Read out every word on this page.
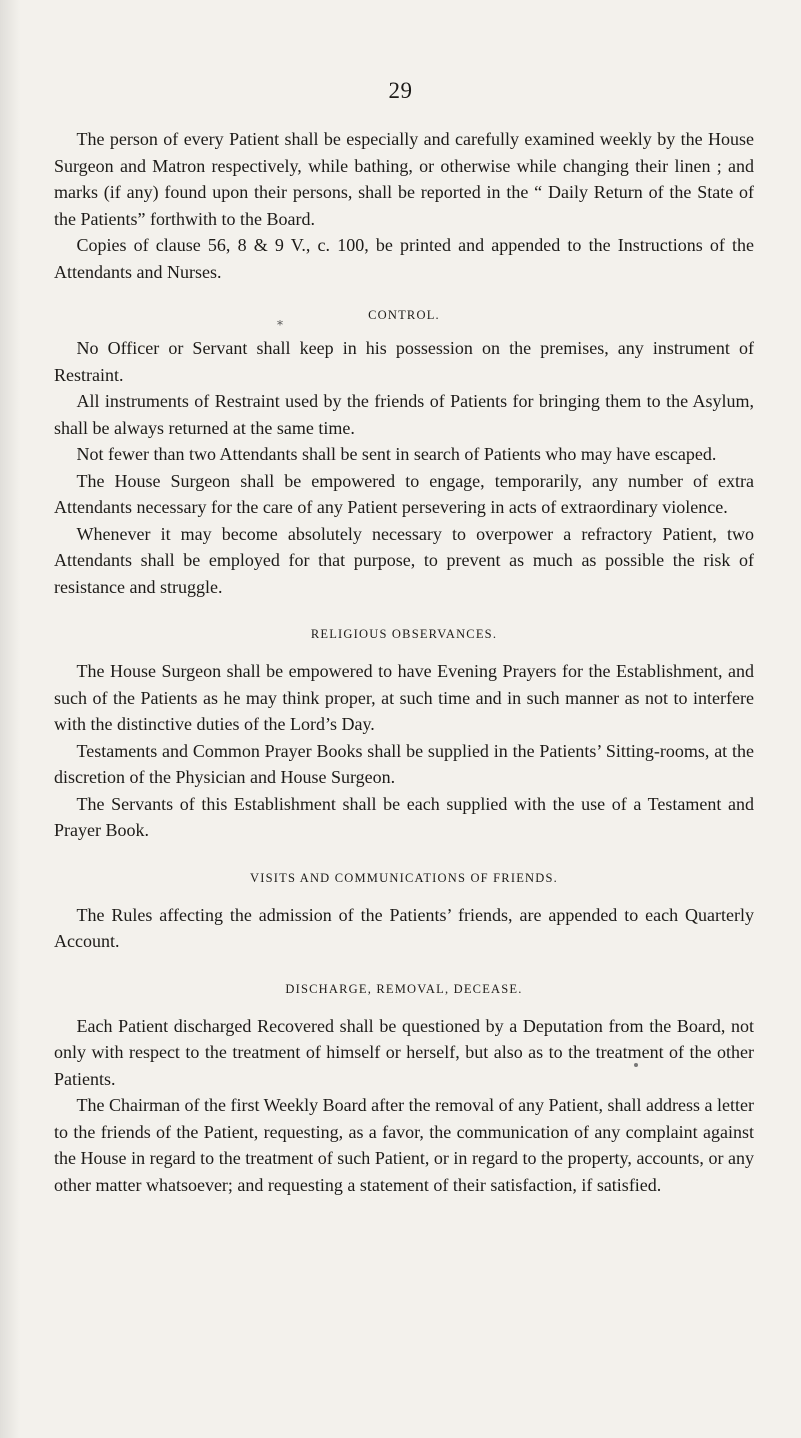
29
⁎

The person of every Patient shall be especially and carefully examined weekly by the House Surgeon and Matron respectively, while bathing, or otherwise while changing their linen ; and marks (if any) found upon their persons, shall be reported in the “ Daily Return of the State of the Patients” forthwith to the Board.

Copies of clause 56, 8 & 9 V., c. 100, be printed and appended to the Instructions of the Attendants and Nurses.

CONTROL.

No Officer or Servant shall keep in his possession on the premises, any instrument of Restraint.

All instruments of Restraint used by the friends of Patients for bringing them to the Asylum, shall be always returned at the same time.

Not fewer than two Attendants shall be sent in search of Patients who may have escaped.

The House Surgeon shall be empowered to engage, temporarily, any number of extra Attendants necessary for the care of any Patient persevering in acts of extraordinary violence.

Whenever it may become absolutely necessary to overpower a refractory Patient, two Attendants shall be employed for that purpose, to prevent as much as possible the risk of resistance and struggle.

RELIGIOUS OBSERVANCES.

The House Surgeon shall be empowered to have Evening Prayers for the Establishment, and such of the Patients as he may think proper, at such time and in such manner as not to interfere with the distinctive duties of the Lord’s Day.

Testaments and Common Prayer Books shall be supplied in the Patients’ Sitting-rooms, at the discretion of the Physician and House Surgeon.

The Servants of this Establishment shall be each supplied with the use of a Testament and Prayer Book.

VISITS AND COMMUNICATIONS OF FRIENDS.

The Rules affecting the admission of the Patients’ friends, are appended to each Quarterly Account.

DISCHARGE, REMOVAL, DECEASE.

Each Patient discharged Recovered shall be questioned by a Deputation from the Board, not only with respect to the treatment of himself or herself, but also as to the treatment of the other Patients.

The Chairman of the first Weekly Board after the removal of any Patient, shall address a letter to the friends of the Patient, requesting, as a favor, the communication of any complaint against the House in regard to the treatment of such Patient, or in regard to the property, accounts, or any other matter whatsoever; and requesting a statement of their satisfaction, if satisfied.
